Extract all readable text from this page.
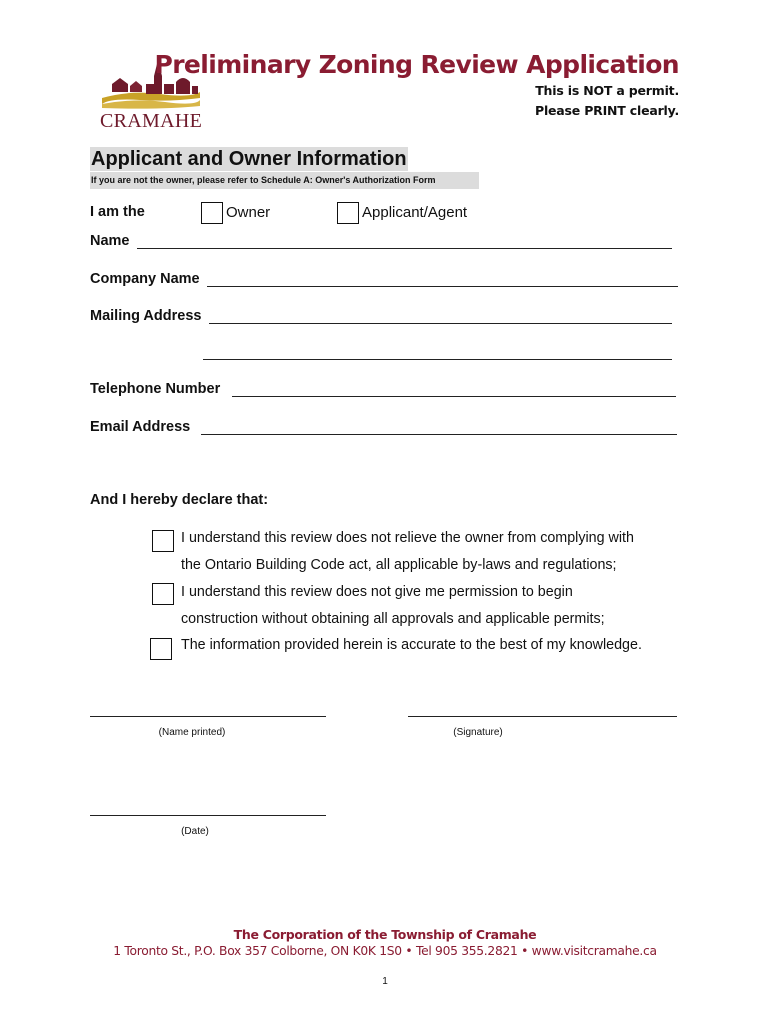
CRAMAHE
Preliminary Zoning Review Application
This is NOT a permit.
Please PRINT clearly.
Applicant and Owner Information
If you are not the owner, please refer to Schedule A: Owner's Authorization Form
I am the	Owner	Applicant/Agent
Name
Company Name
Mailing Address
Telephone Number
Email Address
And I hereby declare that:
I understand this review does not relieve the owner from complying with
the Ontario Building Code act, all applicable by-laws and regulations;
I understand this review does not give me permission to begin
construction without obtaining all approvals and applicable permits;
The information provided herein is accurate to the best of my knowledge.
(Name printed)	(Signature)
(Date)
The Corporation of the Township of Cramahe
1 Toronto St., P.O. Box 357 Colborne, ON K0K 1S0 • Tel 905 355.2821 • www.visitcramahe.ca
1
